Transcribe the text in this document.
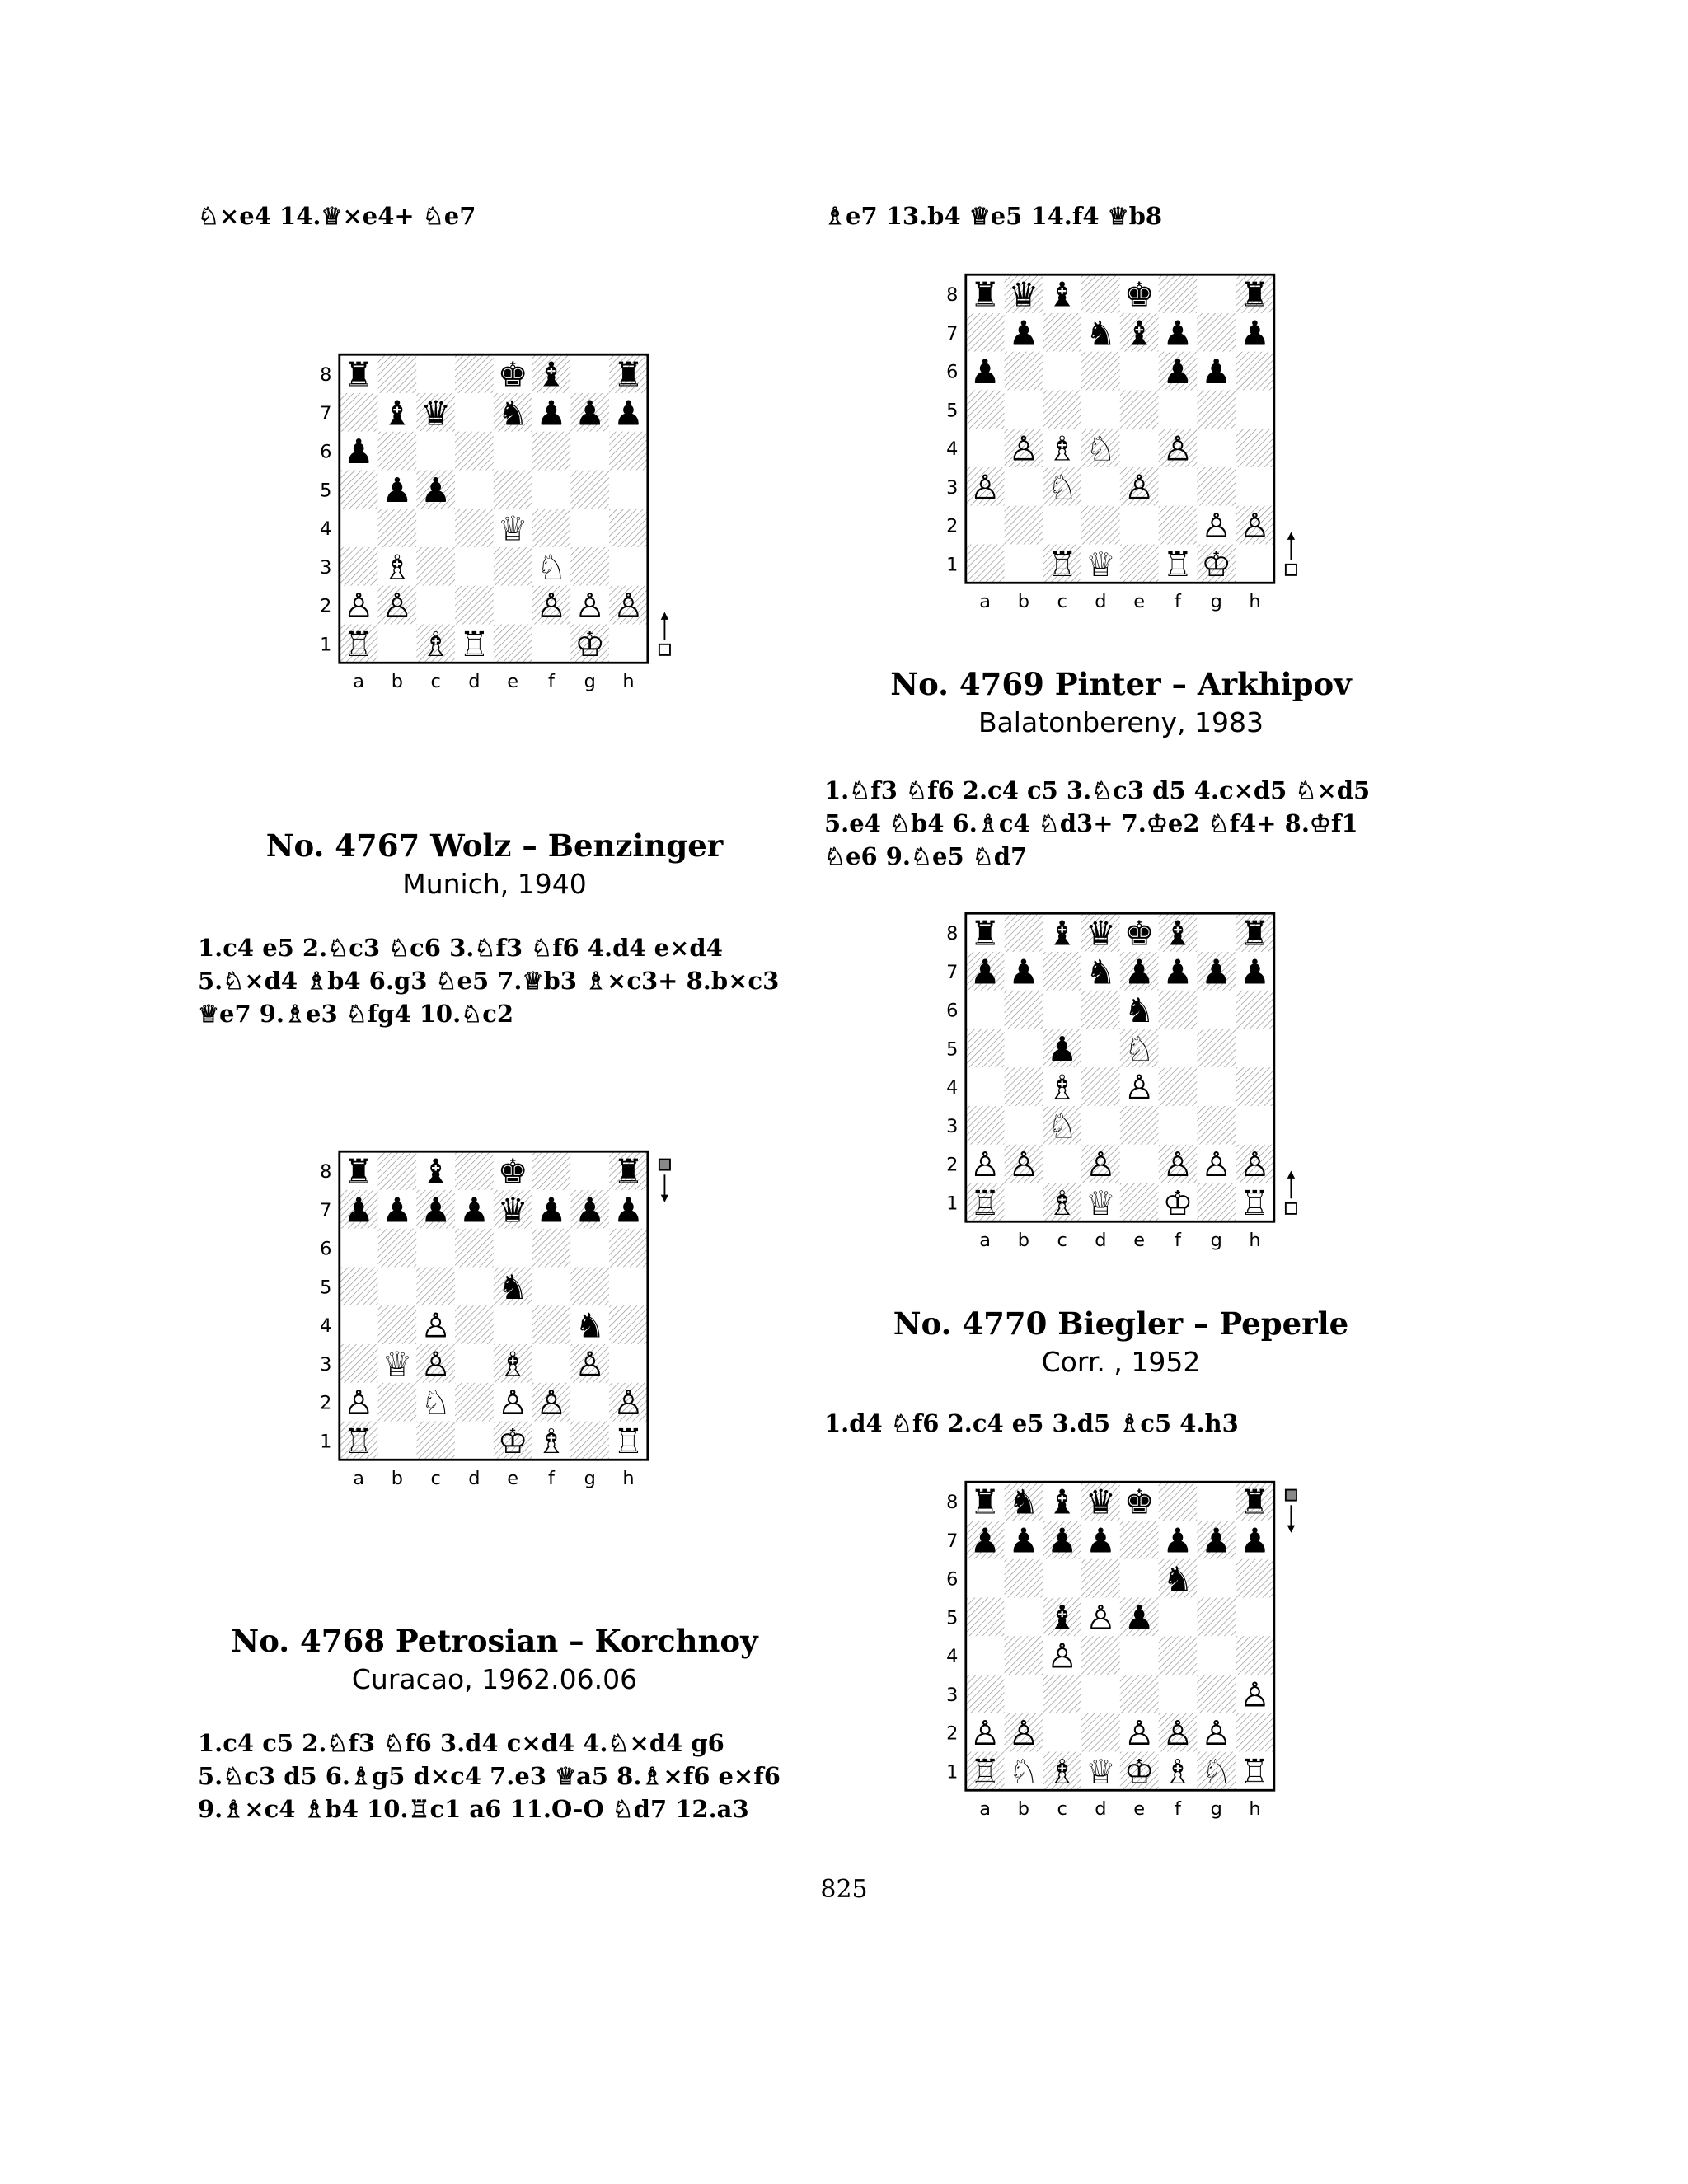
♘×e4 14.♕×e4+ ♘e7	♗e7 13.b4 ♕e5 14.f4 ♕b8
♜	♚ ♝ ♜
♝ ♛ ♞ ♟ ♟ ♟
♟
♟ ♟
♕
♗	♘
♙ ♙	♙ ♙ ♙
♖ ♗ ♖ ♔
8
7
6
5
4
3
2
1
a b c d e f g h
♜ ♝ ♚ ♜
♟ ♟ ♟ ♟ ♛ ♟ ♟ ♟
♞
♙	♞
♕ ♙ ♗ ♙
♙ ♘ ♙ ♙ ♙
♖	♔ ♗ ♖
8
7
6
5
4
3
2
1
a b c d e f g h
♜ ♛ ♝ ♚ ♜
♟ ♞ ♝ ♟ ♟
♟	♟ ♟
♙ ♗ ♘ ♙
♙ ♘ ♙
♙ ♙
♖ ♕ ♖ ♔
8
7
6
5
4
3
2
1
a b c d e f g h
♜ ♝ ♛ ♚ ♝ ♜
♟ ♟ ♞ ♟ ♟ ♟ ♟
♞
♟ ♘
♗ ♙
♘
♙ ♙ ♙ ♙ ♙ ♙
♖ ♗ ♕ ♔ ♖
8
7
6
5
4
3
2
1
a b c d e f g h
♜ ♞ ♝ ♛ ♚ ♜
♟ ♟ ♟ ♟ ♟ ♟ ♟
♞
♝ ♙ ♟
♙
♙
♙ ♙ ♙ ♙ ♙
♖ ♘ ♗ ♕ ♔ ♗ ♘ ♖
8
7
6
5
4
3
2
1
a b c d e f g h
No. 4767 Wolz – Benzinger
Munich, 1940
1.c4 e5 2.♘c3 ♘c6 3.♘f3 ♘f6 4.d4 e×d4
5.♘×d4 ♗b4 6.g3 ♘e5 7.♕b3 ♗×c3+ 8.b×c3
♕e7 9.♗e3 ♘fg4 10.♘c2
No. 4768 Petrosian – Korchnoy
Curacao, 1962.06.06
1.c4 c5 2.♘f3 ♘f6 3.d4 c×d4 4.♘×d4 g6
5.♘c3 d5 6.♗g5 d×c4 7.e3 ♕a5 8.♗×f6 e×f6
9.♗×c4 ♗b4 10.♖c1 a6 11.O-O ♘d7 12.a3
No. 4769 Pinter – Arkhipov
Balatonbereny, 1983
1.♘f3 ♘f6 2.c4 c5 3.♘c3 d5 4.c×d5 ♘×d5
5.e4 ♘b4 6.♗c4 ♘d3+ 7.♔e2 ♘f4+ 8.♔f1
♘e6 9.♘e5 ♘d7
No. 4770 Biegler – Peperle
Corr. , 1952
1.d4 ♘f6 2.c4 e5 3.d5 ♗c5 4.h3
825
